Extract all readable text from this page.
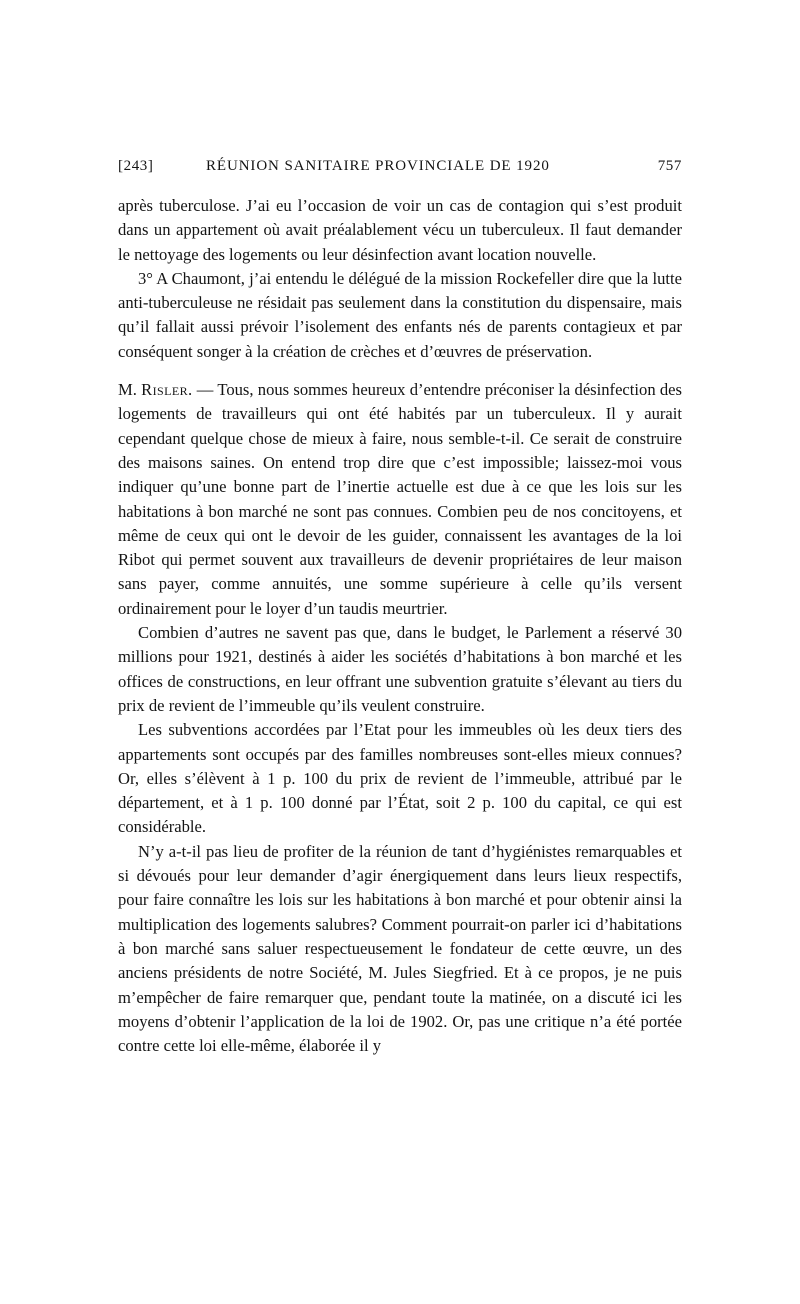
[243]	RÉUNION SANITAIRE PROVINCIALE DE 1920	757

après tuberculose. J’ai eu l’occasion de voir un cas de contagion qui s’est produit dans un appartement où avait préalablement vécu un tuberculeux. Il faut demander le nettoyage des logements ou leur désinfection avant location nouvelle.

3° A Chaumont, j’ai entendu le délégué de la mission Rockefeller dire que la lutte anti-tuberculeuse ne résidait pas seulement dans la constitution du dispensaire, mais qu’il fallait aussi prévoir l’isolement des enfants nés de parents contagieux et par conséquent songer à la création de crèches et d’œuvres de préservation.

M. Risler. — Tous, nous sommes heureux d’entendre préconiser la désinfection des logements de travailleurs qui ont été habités par un tuberculeux. Il y aurait cependant quelque chose de mieux à faire, nous semble-t-il. Ce serait de construire des maisons saines. On entend trop dire que c’est impossible; laissez-moi vous indiquer qu’une bonne part de l’inertie actuelle est due à ce que les lois sur les habitations à bon marché ne sont pas connues. Combien peu de nos concitoyens, et même de ceux qui ont le devoir de les guider, connaissent les avantages de la loi Ribot qui permet souvent aux travailleurs de devenir propriétaires de leur maison sans payer, comme annuités, une somme supérieure à celle qu’ils versent ordinairement pour le loyer d’un taudis meurtrier.

Combien d’autres ne savent pas que, dans le budget, le Parlement a réservé 30 millions pour 1921, destinés à aider les sociétés d’habitations à bon marché et les offices de constructions, en leur offrant une subvention gratuite s’élevant au tiers du prix de revient de l’immeuble qu’ils veulent construire.

Les subventions accordées par l’Etat pour les immeubles où les deux tiers des appartements sont occupés par des familles nombreuses sont-elles mieux connues? Or, elles s’élèvent à 1 p. 100 du prix de revient de l’immeuble, attribué par le département, et à 1 p. 100 donné par l’État, soit 2 p. 100 du capital, ce qui est considérable.

N’y a-t-il pas lieu de profiter de la réunion de tant d’hygiénistes remarquables et si dévoués pour leur demander d’agir énergiquement dans leurs lieux respectifs, pour faire connaître les lois sur les habitations à bon marché et pour obtenir ainsi la multiplication des logements salubres? Comment pourrait-on parler ici d’habitations à bon marché sans saluer respectueusement le fondateur de cette œuvre, un des anciens présidents de notre Société, M. Jules Siegfried. Et à ce propos, je ne puis m’empêcher de faire remarquer que, pendant toute la matinée, on a discuté ici les moyens d’obtenir l’application de la loi de 1902. Or, pas une critique n’a été portée contre cette loi elle-même, élaborée il y
